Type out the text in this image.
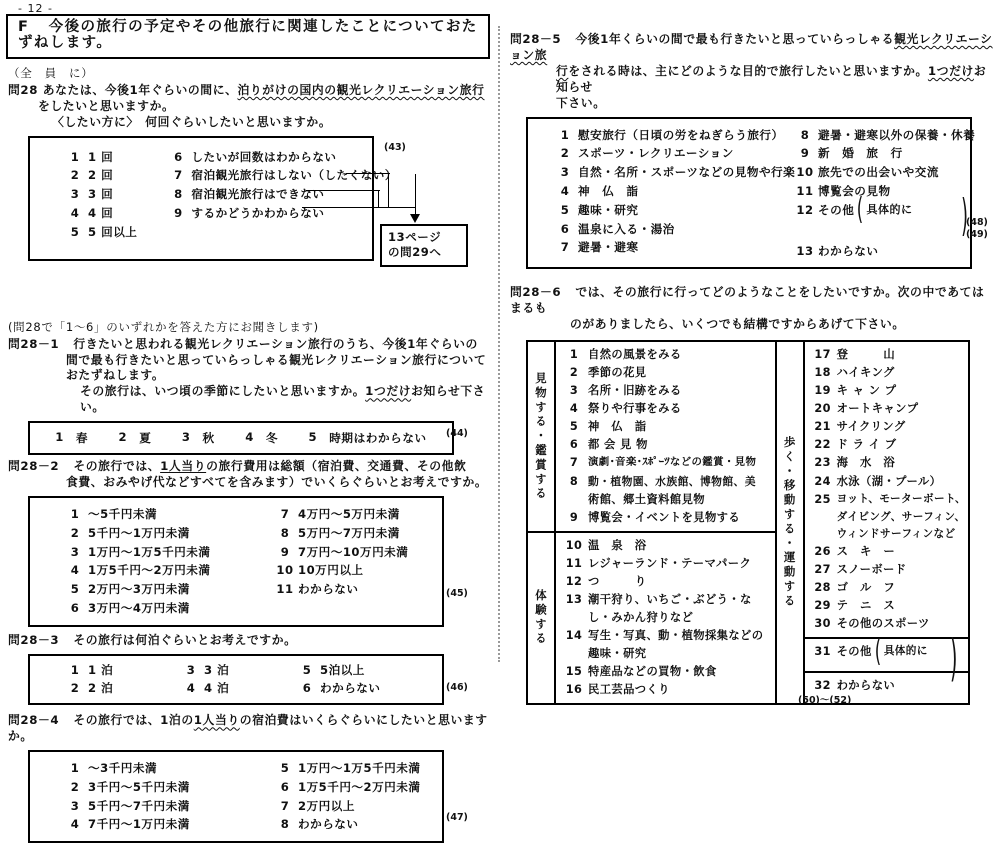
- 12 -
F 今後の旅行の予定やその他旅行に関連したことについておたずねします。
（全　員　に）
問28 あなたは、今後1年ぐらいの間に、泊りがけの国内の観光レクリエーション旅行
をしたいと思いますか。
〈したい方に〉　何回ぐらいしたいと思いますか。
1 1 回
2 2 回
3 3 回
4 4 回
5 5 回以上
6 したいが回数はわからない
7 宿泊観光旅行はしない（したくない）
8 宿泊観光旅行はできない
9 するかどうかわからない
13ページ
の問29へ
(43)
(問28で「1～6」のいずれかを答えた方にお聞きします)
問28－1 行きたいと思われる観光レクリエーション旅行のうち、今後1年ぐらいの
間で最も行きたいと思っていらっしゃる観光レクリエーション旅行について
おたずねします。
その旅行は、いつ頃の季節にしたいと思いますか。1つだけお知らせ下さい。
1 春	2 夏	3 秋	4 冬	5 時期はわからない (44)
問28－2 その旅行では、1人当りの旅行費用は総額（宿泊費、交通費、その他飲
食費、おみやげ代などすべてを含みます）でいくらぐらいとお考えですか。
1 ～5千円未満
2 5千円～1万円未満
3 1万円～1万5千円未満
4 1万5千円～2万円未満
5 2万円～3万円未満
6 3万円～4万円未満
7 4万円～5万円未満
8 5万円～7万円未満
9 7万円～10万円未満
10 10万円以上
11 わからない	(45)
問28－3 その旅行は何泊ぐらいとお考えですか。
1 1 泊
2 2 泊
3 3 泊
4 4 泊
5 5泊以上
6 わからない	(46)
問28－4 その旅行では、1泊の1人当りの宿泊費はいくらぐらいにしたいと思いますか。
1 ～3千円未満
2 3千円～5千円未満
3 5千円～7千円未満
4 7千円～1万円未満
5 1万円～1万5千円未満
6 1万5千円～2万円未満
7 2万円以上
8 わからない	(47)
問28－5 今後1年くらいの間で最も行きたいと思っていらっしゃる観光レクリエーション旅
行をされる時は、主にどのような目的で旅行したいと思いますか。1つだけお知らせ
下さい。
1 慰安旅行（日頃の労をねぎらう旅行）
2 スポーツ・レクリエーション
3 自然・名所・スポーツなどの見物や行楽
4 神　仏　詣
5 趣味・研究
6 温泉に入る・湯治
7 避暑・避寒
8 避暑・避寒以外の保養・休養
9 新　婚　旅　行
10 旅先での出会いや交流
11 博覧会の見物
12 その他 ( 具体的に
13 わからない
)
(48)
(49)
問28－6 では、その旅行に行ってどのようなことをしたいですか。次の中であてはまるも
のがありましたら、いくつでも結構ですからあげて下さい。
見物する・鑑賞する
1 自然の風景をみる
2 季節の花見
3 名所・旧跡をみる
4 祭りや行事をみる
5 神　仏　詣
6 都 会 見 物
7 演劇･音楽･ｽﾎﾟｰﾂなどの鑑賞・見物
8 動・植物園、水族館、博物館、美
術館、郷土資料館見物
9 博覧会・イベントを見物する
体験する
10 温　泉　浴
11 レジャーランド・テーマパーク
12 つ　　　り
13 潮干狩り、いちご・ぶどう・な
し・みかん狩りなど
14 写生・写真、動・植物採集などの
趣味・研究
15 特産品などの買物・飲食
16 民工芸品つくり
歩く・移動する・運動する
17 登　　　山
18 ハイキング
19 キ ャ ン プ
20 オートキャンプ
21 サイクリング
22 ド ラ イ ブ
23 海　水　浴
24 水泳（湖・プール）
25 ヨット、モーターボート、
ダイビング、サーフィン、
ウィンドサーフィンなど
26 ス　キ　ー
27 スノーボード
28 ゴ　ル　フ
29 テ　ニ　ス
30 その他のスポーツ
31 その他 ( 具体的に )
32 わからない
(50)～(52)
